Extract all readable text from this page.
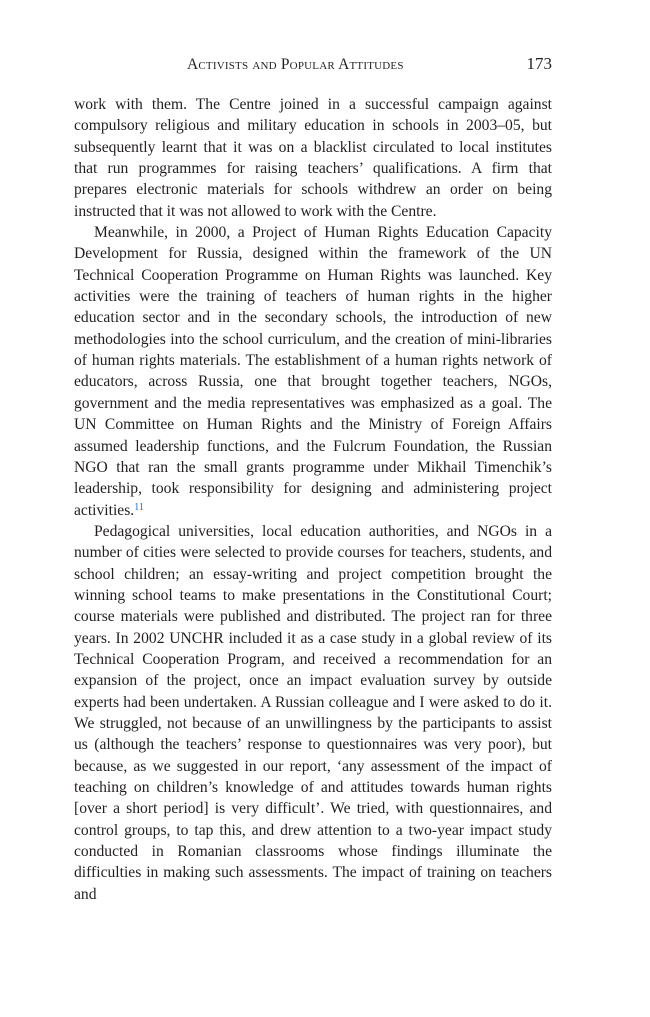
Activists and Popular Attitudes	173

work with them. The Centre joined in a successful campaign against compulsory religious and military education in schools in 2003–05, but subsequently learnt that it was on a blacklist circulated to local institutes that run programmes for raising teachers’ qualifications. A firm that prepares electronic materials for schools withdrew an order on being instructed that it was not allowed to work with the Centre.

Meanwhile, in 2000, a Project of Human Rights Education Capacity Development for Russia, designed within the framework of the UN Technical Cooperation Programme on Human Rights was launched. Key activities were the training of teachers of human rights in the higher education sector and in the secondary schools, the introduction of new methodologies into the school curriculum, and the creation of mini-libraries of human rights materials. The establishment of a human rights network of educators, across Russia, one that brought together teachers, NGOs, government and the media representatives was emphasized as a goal. The UN Committee on Human Rights and the Ministry of Foreign Affairs assumed leadership functions, and the Fulcrum Foundation, the Russian NGO that ran the small grants programme under Mikhail Timenchik’s leadership, took responsibility for designing and administering project activities.$^{11}$

Pedagogical universities, local education authorities, and NGOs in a number of cities were selected to provide courses for teachers, students, and school children; an essay-writing and project competition brought the winning school teams to make presentations in the Constitutional Court; course materials were published and distributed. The project ran for three years. In 2002 UNCHR included it as a case study in a global review of its Technical Cooperation Program, and received a recommendation for an expansion of the project, once an impact evaluation survey by outside experts had been undertaken. A Russian colleague and I were asked to do it. We struggled, not because of an unwillingness by the participants to assist us (although the teachers’ response to questionnaires was very poor), but because, as we suggested in our report, ‘any assessment of the impact of teaching on children’s knowledge of and attitudes towards human rights [over a short period] is very difficult’. We tried, with questionnaires, and control groups, to tap this, and drew attention to a two-year impact study conducted in Romanian classrooms whose findings illuminate the difficulties in making such assessments. The impact of training on teachers and
